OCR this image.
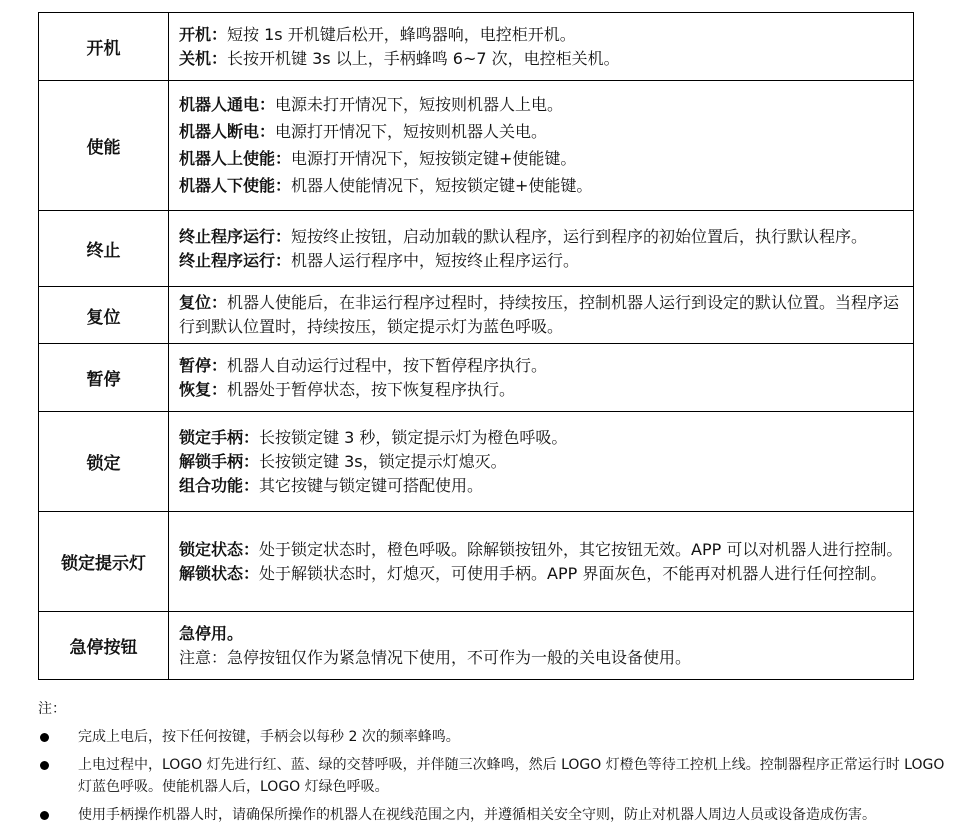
开机	开机：短按 1s 开机键后松开，蜂鸣器响，电控柜开机。
关机：长按开机键 3s 以上，手柄蜂鸣 6~7 次，电控柜关机。

使能	机器人通电：电源未打开情况下，短按则机器人上电。
机器人断电：电源打开情况下，短按则机器人关电。
机器人上使能：电源打开情况下，短按锁定键+使能键。
机器人下使能：机器人使能情况下，短按锁定键+使能键。

终止	终止程序运行：短按终止按钮，启动加载的默认程序，运行到程序的初始位置后，执行默认程序。
终止程序运行：机器人运行程序中，短按终止程序运行。

复位	复位：机器人使能后，在非运行程序过程时，持续按压，控制机器人运行到设定的默认位置。当程序运行到默认位置时，持续按压，锁定提示灯为蓝色呼吸。

暂停	暂停：机器人自动运行过程中，按下暂停程序执行。
恢复：机器处于暂停状态，按下恢复程序执行。

锁定	锁定手柄：长按锁定键 3 秒，锁定提示灯为橙色呼吸。
解锁手柄：长按锁定键 3s，锁定提示灯熄灭。
组合功能：其它按键与锁定键可搭配使用。

锁定提示灯	锁定状态：处于锁定状态时，橙色呼吸。除解锁按钮外，其它按钮无效。APP 可以对机器人进行控制。
解锁状态：处于解锁状态时，灯熄灭，可使用手柄。APP 界面灰色，不能再对机器人进行任何控制。

急停按钮	急停用。
注意：急停按钮仅作为紧急情况下使用，不可作为一般的关电设备使用。
注：
完成上电后，按下任何按键，手柄会以每秒 2 次的频率蜂鸣。
上电过程中，LOGO 灯先进行红、蓝、绿的交替呼吸，并伴随三次蜂鸣，然后 LOGO 灯橙色等待工控机上线。控制器程序正常运行时 LOGO 灯蓝色呼吸。使能机器人后，LOGO 灯绿色呼吸。
使用手柄操作机器人时，请确保所操作的机器人在视线范围之内，并遵循相关安全守则，防止对机器人周边人员或设备造成伤害。
